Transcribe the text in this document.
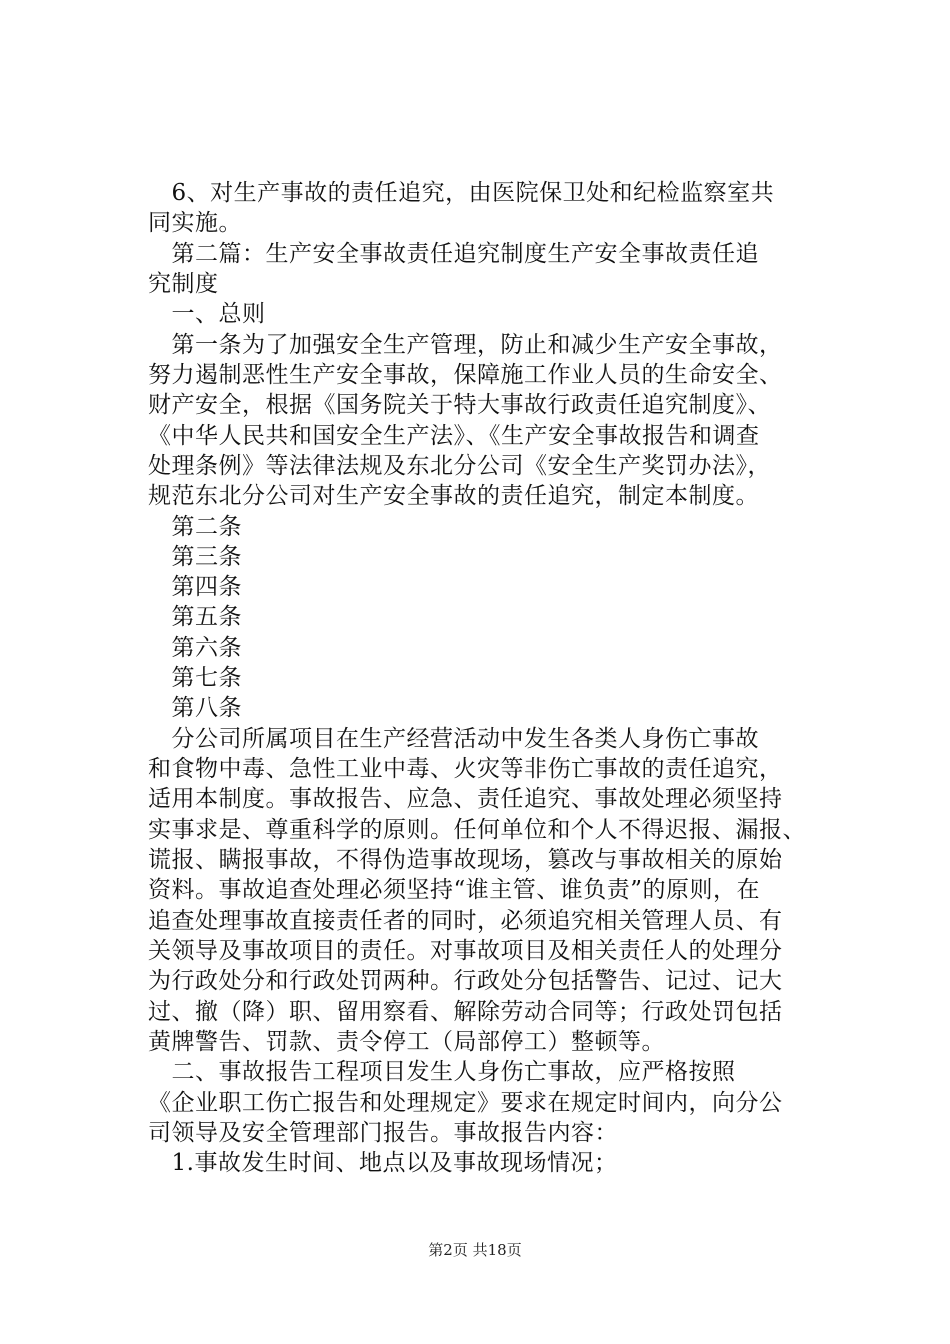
　6、对生产事故的责任追究，由医院保卫处和纪检监察室共
同实施。
　第二篇：生产安全事故责任追究制度生产安全事故责任追
究制度
　一、总则
　第一条为了加强安全生产管理，防止和减少生产安全事故，
努力遏制恶性生产安全事故，保障施工作业人员的生命安全、
财产安全，根据《国务院关于特大事故行政责任追究制度》、
《中华人民共和国安全生产法》、《生产安全事故报告和调查
处理条例》等法律法规及东北分公司《安全生产奖罚办法》，
规范东北分公司对生产安全事故的责任追究，制定本制度。
　第二条
　第三条
　第四条
　第五条
　第六条
　第七条
　第八条
　分公司所属项目在生产经营活动中发生各类人身伤亡事故
和食物中毒、急性工业中毒、火灾等非伤亡事故的责任追究，
适用本制度。事故报告、应急、责任追究、事故处理必须坚持
实事求是、尊重科学的原则。任何单位和个人不得迟报、漏报、
谎报、瞒报事故，不得伪造事故现场，篡改与事故相关的原始
资料。事故追查处理必须坚持“谁主管、谁负责”的原则，在
追查处理事故直接责任者的同时，必须追究相关管理人员、有
关领导及事故项目的责任。对事故项目及相关责任人的处理分
为行政处分和行政处罚两种。行政处分包括警告、记过、记大
过、撤（降）职、留用察看、解除劳动合同等；行政处罚包括
黄牌警告、罚款、责令停工（局部停工）整顿等。
　二、事故报告工程项目发生人身伤亡事故，应严格按照
《企业职工伤亡报告和处理规定》要求在规定时间内，向分公
司领导及安全管理部门报告。事故报告内容：
　1.事故发生时间、地点以及事故现场情况；
第2页 共18页
